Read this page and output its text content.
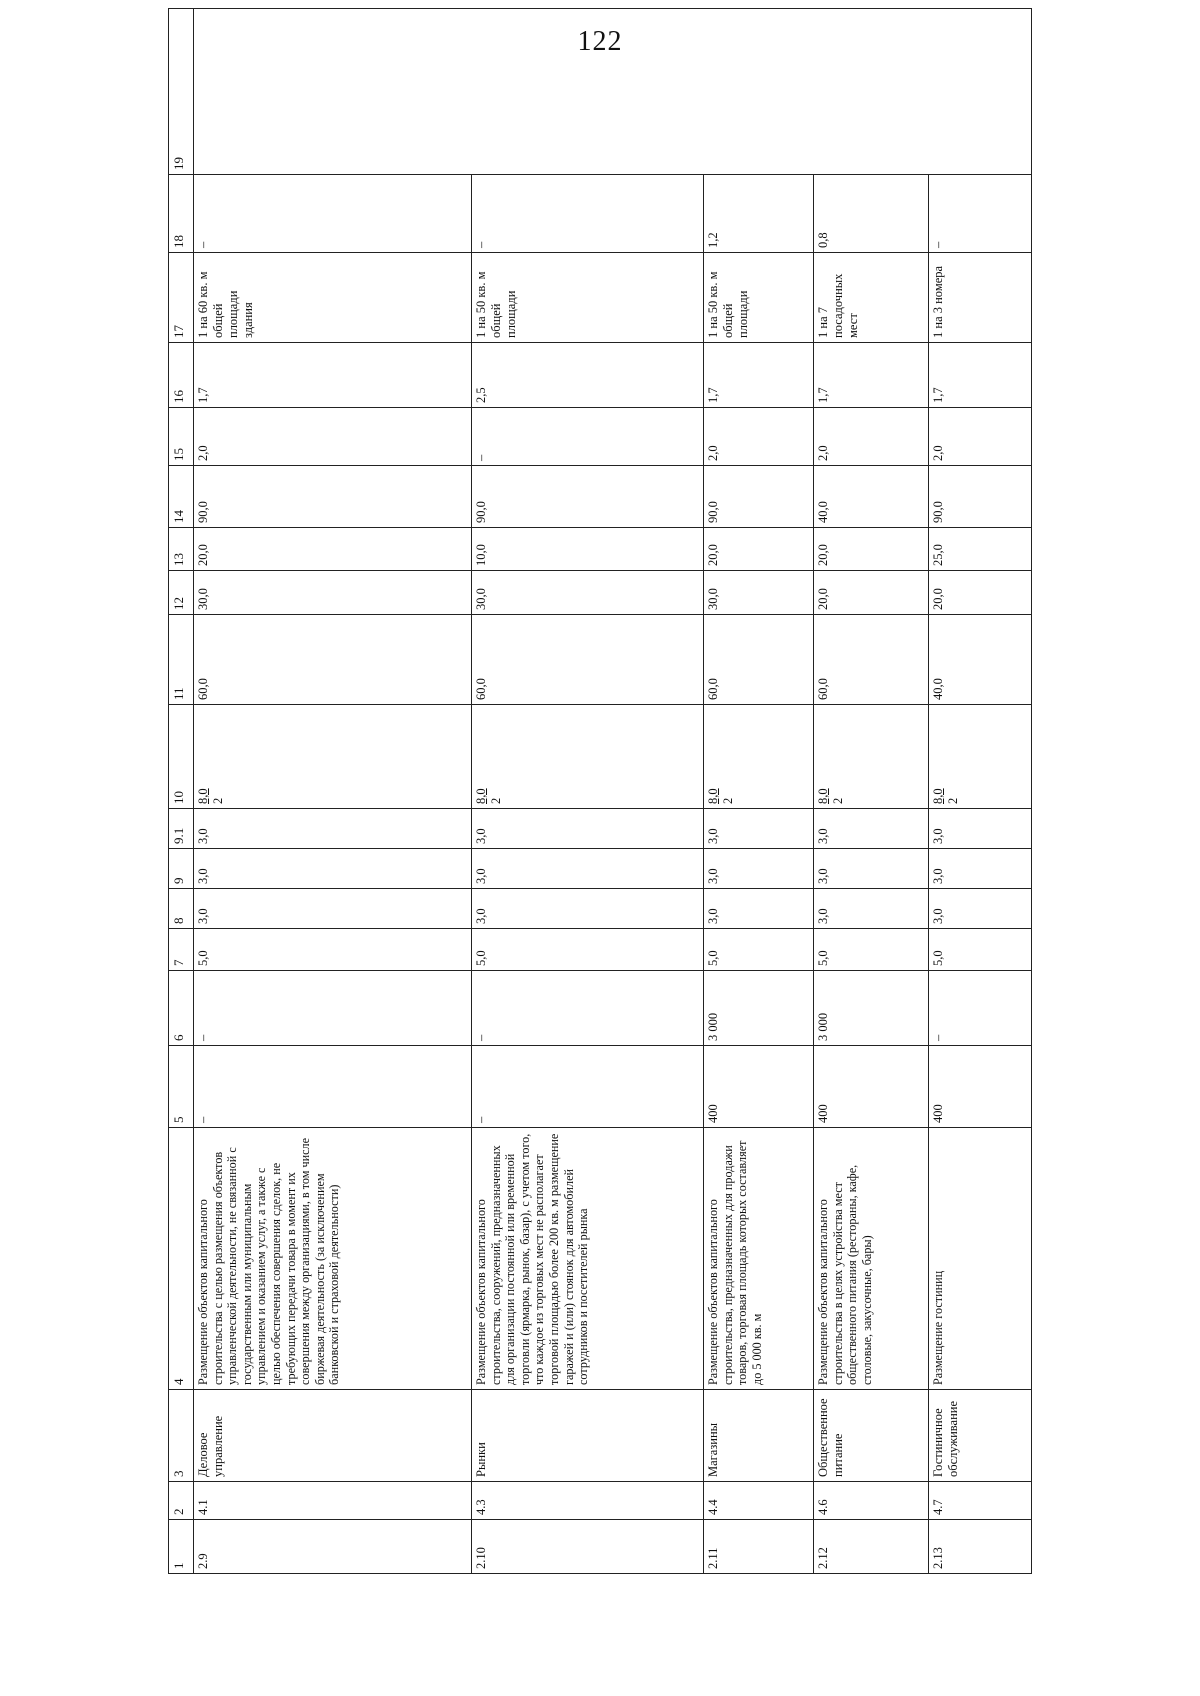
122
1	2	3	4	5	6	7	8	9	9.1	10	11	12	13	14	15	16	17	18	19
2.9	4.1	Деловое управление	Размещение объектов капитального строительства с целью размещения объектов управленческой деятельности, не связанной с государственным или муниципальным управлением и оказанием услуг, а также с целью обеспечения совершения сделок, не требующих передачи товара в момент их совершения между организациями, в том числе биржевая деятельность (за исключением банковской и страховой деятельности)	–	–	5,0	3,0	3,0	3,0	8,0 2	60,0	30,0	20,0	90,0	2,0	1,7	1 на 60 кв. м общей площади здания	–	
2.10	4.3	Рынки	Размещение объектов капитального строительства, сооружений, предназначенных для организации постоянной или временной торговли (ярмарка, рынок, базар), с учетом того, что каждое из торговых мест не располагает торговой площадью более 200 кв. м размещение гаражей и (или) стоянок для автомобилей сотрудников и посетителей рынка	–	–	5,0	3,0	3,0	3,0	8,0 2	60,0	30,0	10,0	90,0	–	2,5	1 на 50 кв. м общей площади	–	
2.11	4.4	Магазины	Размещение объектов капитального строительства, предназначенных для продажи товаров, торговая площадь которых составляет до 5 000 кв. м	400	3 000	5,0	3,0	3,0	3,0	8,0 2	60,0	30,0	20,0	90,0	2,0	1,7	1 на 50 кв. м общей площади	1,2	
2.12	4.6	Общественное питание	Размещение объектов капитального строительства в целях устройства мест общественного питания (рестораны, кафе, столовые, закусочные, бары)	400	3 000	5,0	3,0	3,0	3,0	8,0 2	60,0	20,0	20,0	40,0	2,0	1,7	1 на 7 посадочных мест	0,8	
2.13	4.7	Гостиничное обслуживание	Размещение гостиниц	400	–	5,0	3,0	3,0	3,0	8,0 2	40,0	20,0	25,0	90,0	2,0	1,7	1 на 3 номера	–	
